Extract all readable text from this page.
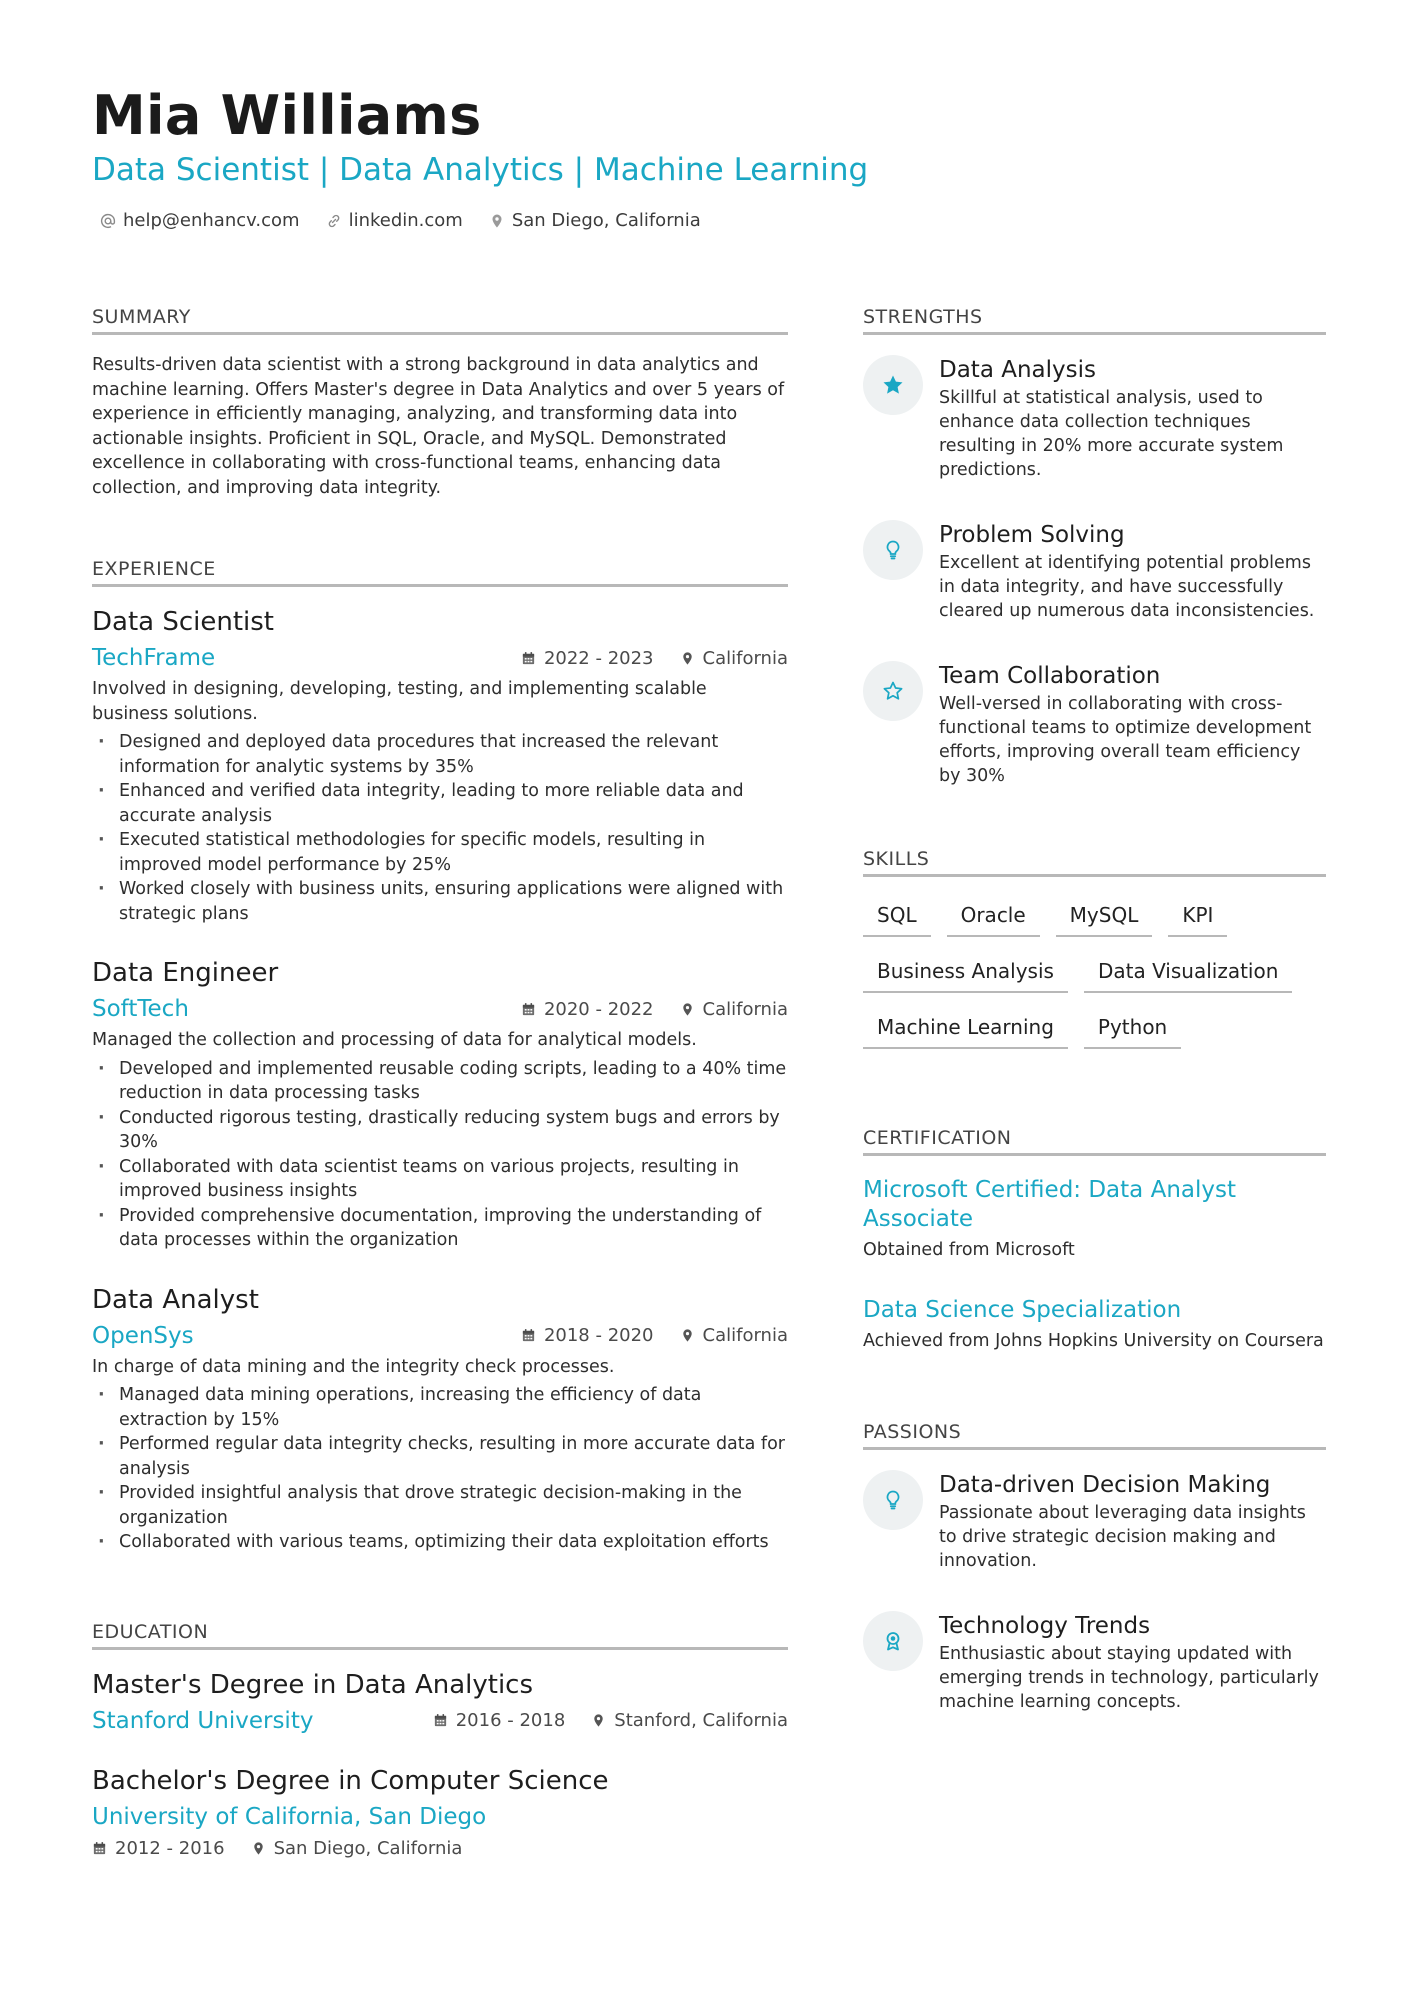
Mia Williams
Data Scientist | Data Analytics | Machine Learning
help@enhancv.com	linkedin.com	San Diego, California
SUMMARY

Results-driven data scientist with a strong background in data analytics and machine learning. Offers Master's degree in Data Analytics and over 5 years of experience in efficiently managing, analyzing, and transforming data into actionable insights. Proficient in SQL, Oracle, and MySQL. Demonstrated excellence in collaborating with cross-functional teams, enhancing data collection, and improving data integrity.

EXPERIENCE
Data Scientist
TechFrame	2022 - 2023	California

Involved in designing, developing, testing, and implementing scalable business solutions.

· Designed and deployed data procedures that increased the relevant information for analytic systems by 35%
· Enhanced and verified data integrity, leading to more reliable data and accurate analysis
· Executed statistical methodologies for specific models, resulting in improved model performance by 25%
· Worked closely with business units, ensuring applications were aligned with strategic plans
Data Engineer
SoftTech	2020 - 2022	California

Managed the collection and processing of data for analytical models.

· Developed and implemented reusable coding scripts, leading to a 40% time reduction in data processing tasks
· Conducted rigorous testing, drastically reducing system bugs and errors by 30%
· Collaborated with data scientist teams on various projects, resulting in improved business insights
· Provided comprehensive documentation, improving the understanding of data processes within the organization
Data Analyst
OpenSys	2018 - 2020	California

In charge of data mining and the integrity check processes.

· Managed data mining operations, increasing the efficiency of data extraction by 15%
· Performed regular data integrity checks, resulting in more accurate data for analysis
· Provided insightful analysis that drove strategic decision-making in the organization
· Collaborated with various teams, optimizing their data exploitation efforts
EDUCATION
Master's Degree in Data Analytics
Stanford University	2016 - 2018	Stanford, California
Bachelor's Degree in Computer Science
University of California, San Diego
2012 - 2016	San Diego, California
STRENGTHS
Data Analysis
Skillful at statistical analysis, used to enhance data collection techniques resulting in 20% more accurate system predictions.
Problem Solving
Excellent at identifying potential problems in data integrity, and have successfully cleared up numerous data inconsistencies.
Team Collaboration
Well-versed in collaborating with cross-functional teams to optimize development efforts, improving overall team efficiency by 30%
SKILLS
SQL	Oracle	MySQL	KPI
Business Analysis	Data Visualization
Machine Learning	Python
CERTIFICATION
Microsoft Certified: Data Analyst Associate
Obtained from Microsoft
Data Science Specialization
Achieved from Johns Hopkins University on Coursera
PASSIONS
Data-driven Decision Making
Passionate about leveraging data insights to drive strategic decision making and innovation.
Technology Trends
Enthusiastic about staying updated with emerging trends in technology, particularly machine learning concepts.
